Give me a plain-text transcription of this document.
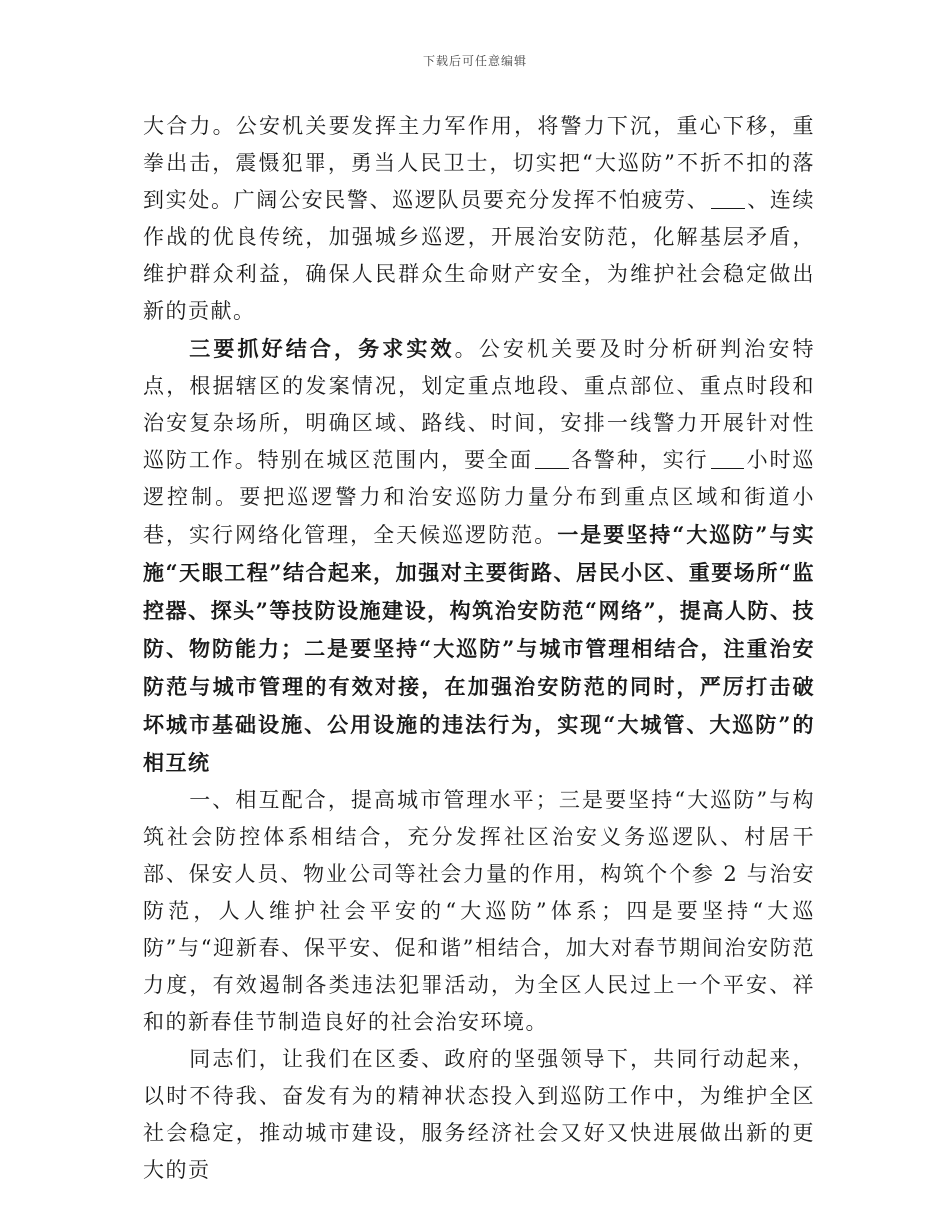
下载后可任意编辑

大合力。公安机关要发挥主力军作用，将警力下沉，重心下移，重拳出击，震慑犯罪，勇当人民卫士，切实把“大巡防”不折不扣的落到实处。广阔公安民警、巡逻队员要充分发挥不怕疲劳、 、连续作战的优良传统，加强城乡巡逻，开展治安防范，化解基层矛盾，维护群众利益，确保人民群众生命财产安全，为维护社会稳定做出新的贡献。

三要抓好结合，务求实效。公安机关要及时分析研判治安特点，根据辖区的发案情况，划定重点地段、重点部位、重点时段和治安复杂场所，明确区域、路线、时间，安排一线警力开展针对性巡防工作。特别在城区范围内，要全面 各警种，实行 小时巡逻控制。要把巡逻警力和治安巡防力量分布到重点区域和街道小巷，实行网络化管理，全天候巡逻防范。一是要坚持“大巡防”与实施“天眼工程”结合起来，加强对主要街路、居民小区、重要场所“监控器、探头”等技防设施建设，构筑治安防范“网络”，提高人防、技防、物防能力；二是要坚持“大巡防”与城市管理相结合，注重治安防范与城市管理的有效对接，在加强治安防范的同时，严厉打击破坏城市基础设施、公用设施的违法行为，实现“大城管、大巡防”的相互统

一、相互配合，提高城市管理水平；三是要坚持“大巡防”与构筑社会防控体系相结合，充分发挥社区治安义务巡逻队、村居干部、保安人员、物业公司等社会力量的作用，构筑个个参 2 与治安防范，人人维护社会平安的“大巡防”体系；四是要坚持“大巡防”与“迎新春、保平安、促和谐”相结合，加大对春节期间治安防范力度，有效遏制各类违法犯罪活动，为全区人民过上一个平安、祥和的新春佳节制造良好的社会治安环境。

同志们，让我们在区委、政府的坚强领导下，共同行动起来，以时不待我、奋发有为的精神状态投入到巡防工作中，为维护全区社会稳定，推动城市建设，服务经济社会又好又快进展做出新的更大的贡
